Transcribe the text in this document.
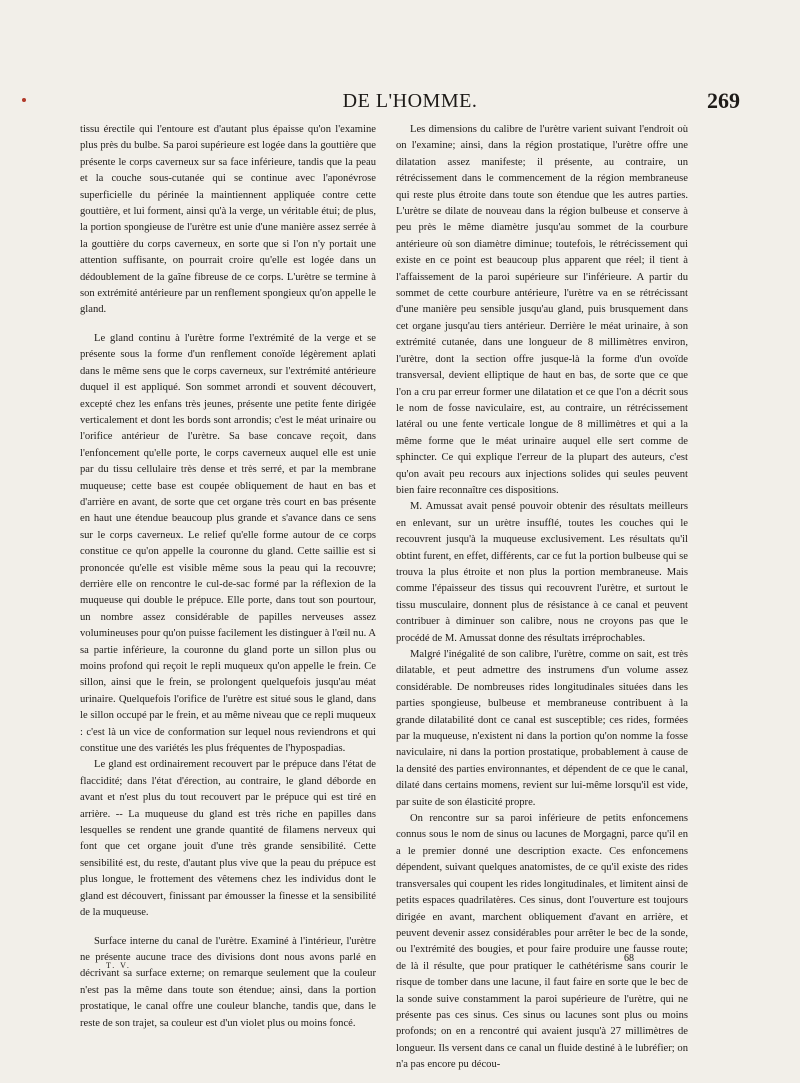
DE L'HOMME.	269

tissu érectile qui l'entoure est d'autant plus épaisse qu'on l'examine plus près du bulbe. Sa paroi supérieure est logée dans la gouttière que présente le corps caverneux sur sa face inférieure, tandis que la peau et la couche sous-cutanée qui se continue avec l'aponévrose superficielle du périnée la maintiennent appliquée contre cette gouttière, et lui forment, ainsi qu'à la verge, un véritable étui; de plus, la portion spongieuse de l'urètre est unie d'une manière assez serrée à la gouttière du corps caverneux, en sorte que si l'on n'y portait une attention suffisante, on pourrait croire qu'elle est logée dans un dédoublement de la gaîne fibreuse de ce corps. L'urètre se termine à son extrémité antérieure par un renflement spongieux qu'on appelle le gland.

Le gland continu à l'urètre forme l'extrémité de la verge et se présente sous la forme d'un renflement conoïde légèrement aplati dans le même sens que le corps caverneux, sur l'extrémité antérieure duquel il est appliqué. Son sommet arrondi et souvent découvert, excepté chez les enfans très jeunes, présente une petite fente dirigée verticalement et dont les bords sont arrondis; c'est le méat urinaire ou l'orifice antérieur de l'urètre. Sa base concave reçoit, dans l'enfoncement qu'elle porte, le corps caverneux auquel elle est unie par du tissu cellulaire très dense et très serré, et par la membrane muqueuse; cette base est coupée obliquement de haut en bas et d'arrière en avant, de sorte que cet organe très court en bas présente en haut une étendue beaucoup plus grande et s'avance dans ce sens sur le corps caverneux. Le relief qu'elle forme autour de ce corps constitue ce qu'on appelle la couronne du gland. Cette saillie est si prononcée qu'elle est visible même sous la peau qui la recouvre; derrière elle on rencontre le cul-de-sac formé par la réflexion de la muqueuse qui double le prépuce. Elle porte, dans tout son pourtour, un nombre assez considérable de papilles nerveuses assez volumineuses pour qu'on puisse facilement les distinguer à l'œil nu. A sa partie inférieure, la couronne du gland porte un sillon plus ou moins profond qui reçoit le repli muqueux qu'on appelle le frein. Ce sillon, ainsi que le frein, se prolongent quelquefois jusqu'au méat urinaire. Quelquefois l'orifice de l'urètre est situé sous le gland, dans le sillon occupé par le frein, et au même niveau que ce repli muqueux : c'est là un vice de conformation sur lequel nous reviendrons et qui constitue une des variétés les plus fréquentes de l'hypospadias.

Le gland est ordinairement recouvert par le prépuce dans l'état de flaccidité; dans l'état d'érection, au contraire, le gland déborde en avant et n'est plus du tout recouvert par le prépuce qui est tiré en arrière. -- La muqueuse du gland est très riche en papilles dans lesquelles se rendent une grande quantité de filamens nerveux qui font que cet organe jouit d'une très grande sensibilité. Cette sensibilité est, du reste, d'autant plus vive que la peau du prépuce est plus longue, le frottement des vêtemens chez les individus dont le gland est découvert, finissant par émousser la finesse et la sensibilité de la muqueuse.

Surface interne du canal de l'urètre. Examiné à l'intérieur, l'urètre ne présente aucune trace des divisions dont nous avons parlé en décrivant sa surface externe; on remarque seulement que la couleur n'est pas la même dans toute son étendue; ainsi, dans la portion prostatique, le canal offre une couleur blanche, tandis que, dans le reste de son trajet, sa couleur est d'un violet plus ou moins foncé.

Les dimensions du calibre de l'urètre varient suivant l'endroit où on l'examine; ainsi, dans la région prostatique, l'urètre offre une dilatation assez manifeste; il présente, au contraire, un rétrécissement dans le commencement de la région membraneuse qui reste plus étroite dans toute son étendue que les autres parties. L'urètre se dilate de nouveau dans la région bulbeuse et conserve à peu près le même diamètre jusqu'au sommet de la courbure antérieure où son diamètre diminue; toutefois, le rétrécissement qui existe en ce point est beaucoup plus apparent que réel; il tient à l'affaissement de la paroi supérieure sur l'inférieure. A partir du sommet de cette courbure antérieure, l'urètre va en se rétrécissant d'une manière peu sensible jusqu'au gland, puis brusquement dans cet organe jusqu'au tiers antérieur. Derrière le méat urinaire, à son extrémité cutanée, dans une longueur de 8 millimètres environ, l'urètre, dont la section offre jusque-là la forme d'un ovoïde transversal, devient elliptique de haut en bas, de sorte que ce que l'on a cru par erreur former une dilatation et ce que l'on a décrit sous le nom de fosse naviculaire, est, au contraire, un rétrécissement latéral ou une fente verticale longue de 8 millimètres et qui a la même forme que le méat urinaire auquel elle sert comme de sphincter. Ce qui explique l'erreur de la plupart des auteurs, c'est qu'on avait peu recours aux injections solides qui seules peuvent bien faire reconnaître ces dispositions.

M. Amussat avait pensé pouvoir obtenir des résultats meilleurs en enlevant, sur un urètre insufflé, toutes les couches qui le recouvrent jusqu'à la muqueuse exclusivement. Les résultats qu'il obtint furent, en effet, différents, car ce fut la portion bulbeuse qui se trouva la plus étroite et non plus la portion membraneuse. Mais comme l'épaisseur des tissus qui recouvrent l'urètre, et surtout le tissu musculaire, donnent plus de résistance à ce canal et peuvent contribuer à diminuer son calibre, nous ne croyons pas que le procédé de M. Amussat donne des résultats irréprochables.

Malgré l'inégalité de son calibre, l'urètre, comme on sait, est très dilatable, et peut admettre des instrumens d'un volume assez considérable. De nombreuses rides longitudinales situées dans les parties spongieuse, bulbeuse et membraneuse contribuent à la grande dilatabilité dont ce canal est susceptible; ces rides, formées par la muqueuse, n'existent ni dans la portion qu'on nomme la fosse naviculaire, ni dans la portion prostatique, probablement à cause de la densité des parties environnantes, et dépendent de ce que le canal, dilaté dans certains momens, revient sur lui-même lorsqu'il est vide, par suite de son élasticité propre.

On rencontre sur sa paroi inférieure de petits enfoncemens connus sous le nom de sinus ou lacunes de Morgagni, parce qu'il en a le premier donné une description exacte. Ces enfoncemens dépendent, suivant quelques anatomistes, de ce qu'il existe des rides transversales qui coupent les rides longitudinales, et limitent ainsi de petits espaces quadrilatères. Ces sinus, dont l'ouverture est toujours dirigée en avant, marchent obliquement d'avant en arrière, et peuvent devenir assez considérables pour arrêter le bec de la sonde, ou l'extrémité des bougies, et pour faire produire une fausse route; de là il résulte, que pour pratiquer le cathétérisme sans courir le risque de tomber dans une lacune, il faut faire en sorte que le bec de la sonde suive constamment la paroi supérieure de l'urètre, qui ne présente pas ces sinus. Ces sinus ou lacunes sont plus ou moins profonds; on en a rencontré qui avaient jusqu'à 27 millimètres de longueur. Ils versent dans ce canal un fluide destiné à le lubréfier; on n'a pas encore pu décou-

T. V.
68
